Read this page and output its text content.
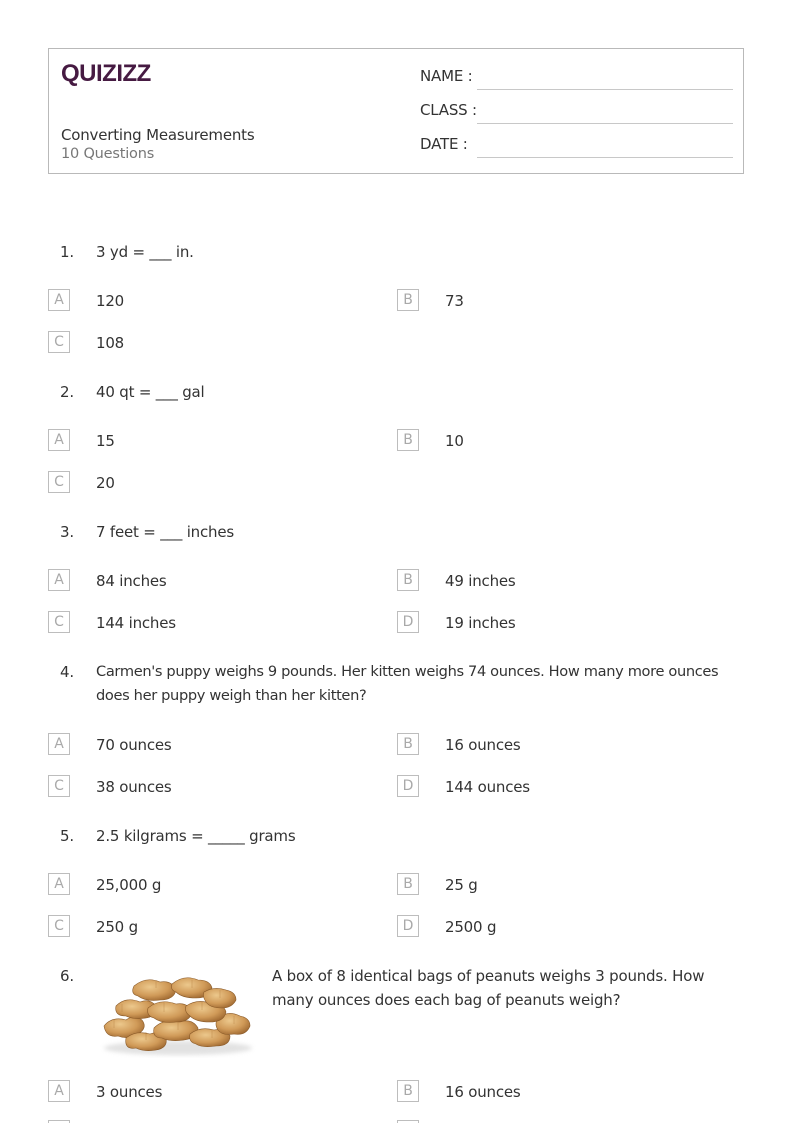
QUIZIZZ
Converting Measurements
10 Questions
NAME :
CLASS :
DATE :
1.	3 yd = ___ in.
A	120	B	73
C	108
2.	40 qt = ___ gal
A	15	B	10
C	20
3.	7 feet = ___ inches
A	84 inches	B	49 inches
C	144 inches	D	19 inches
4.	Carmen's puppy weighs 9 pounds. Her kitten weighs 74 ounces. How many more ounces
does her puppy weigh than her kitten?
A	70 ounces	B	16 ounces
C	38 ounces	D	144 ounces
5.	2.5 kilgrams = _____ grams
A	25,000 g	B	25 g
C	250 g	D	2500 g
6.	A box of 8 identical bags of peanuts weighs 3 pounds. How
many ounces does each bag of peanuts weigh?
A	3 ounces	B	16 ounces
